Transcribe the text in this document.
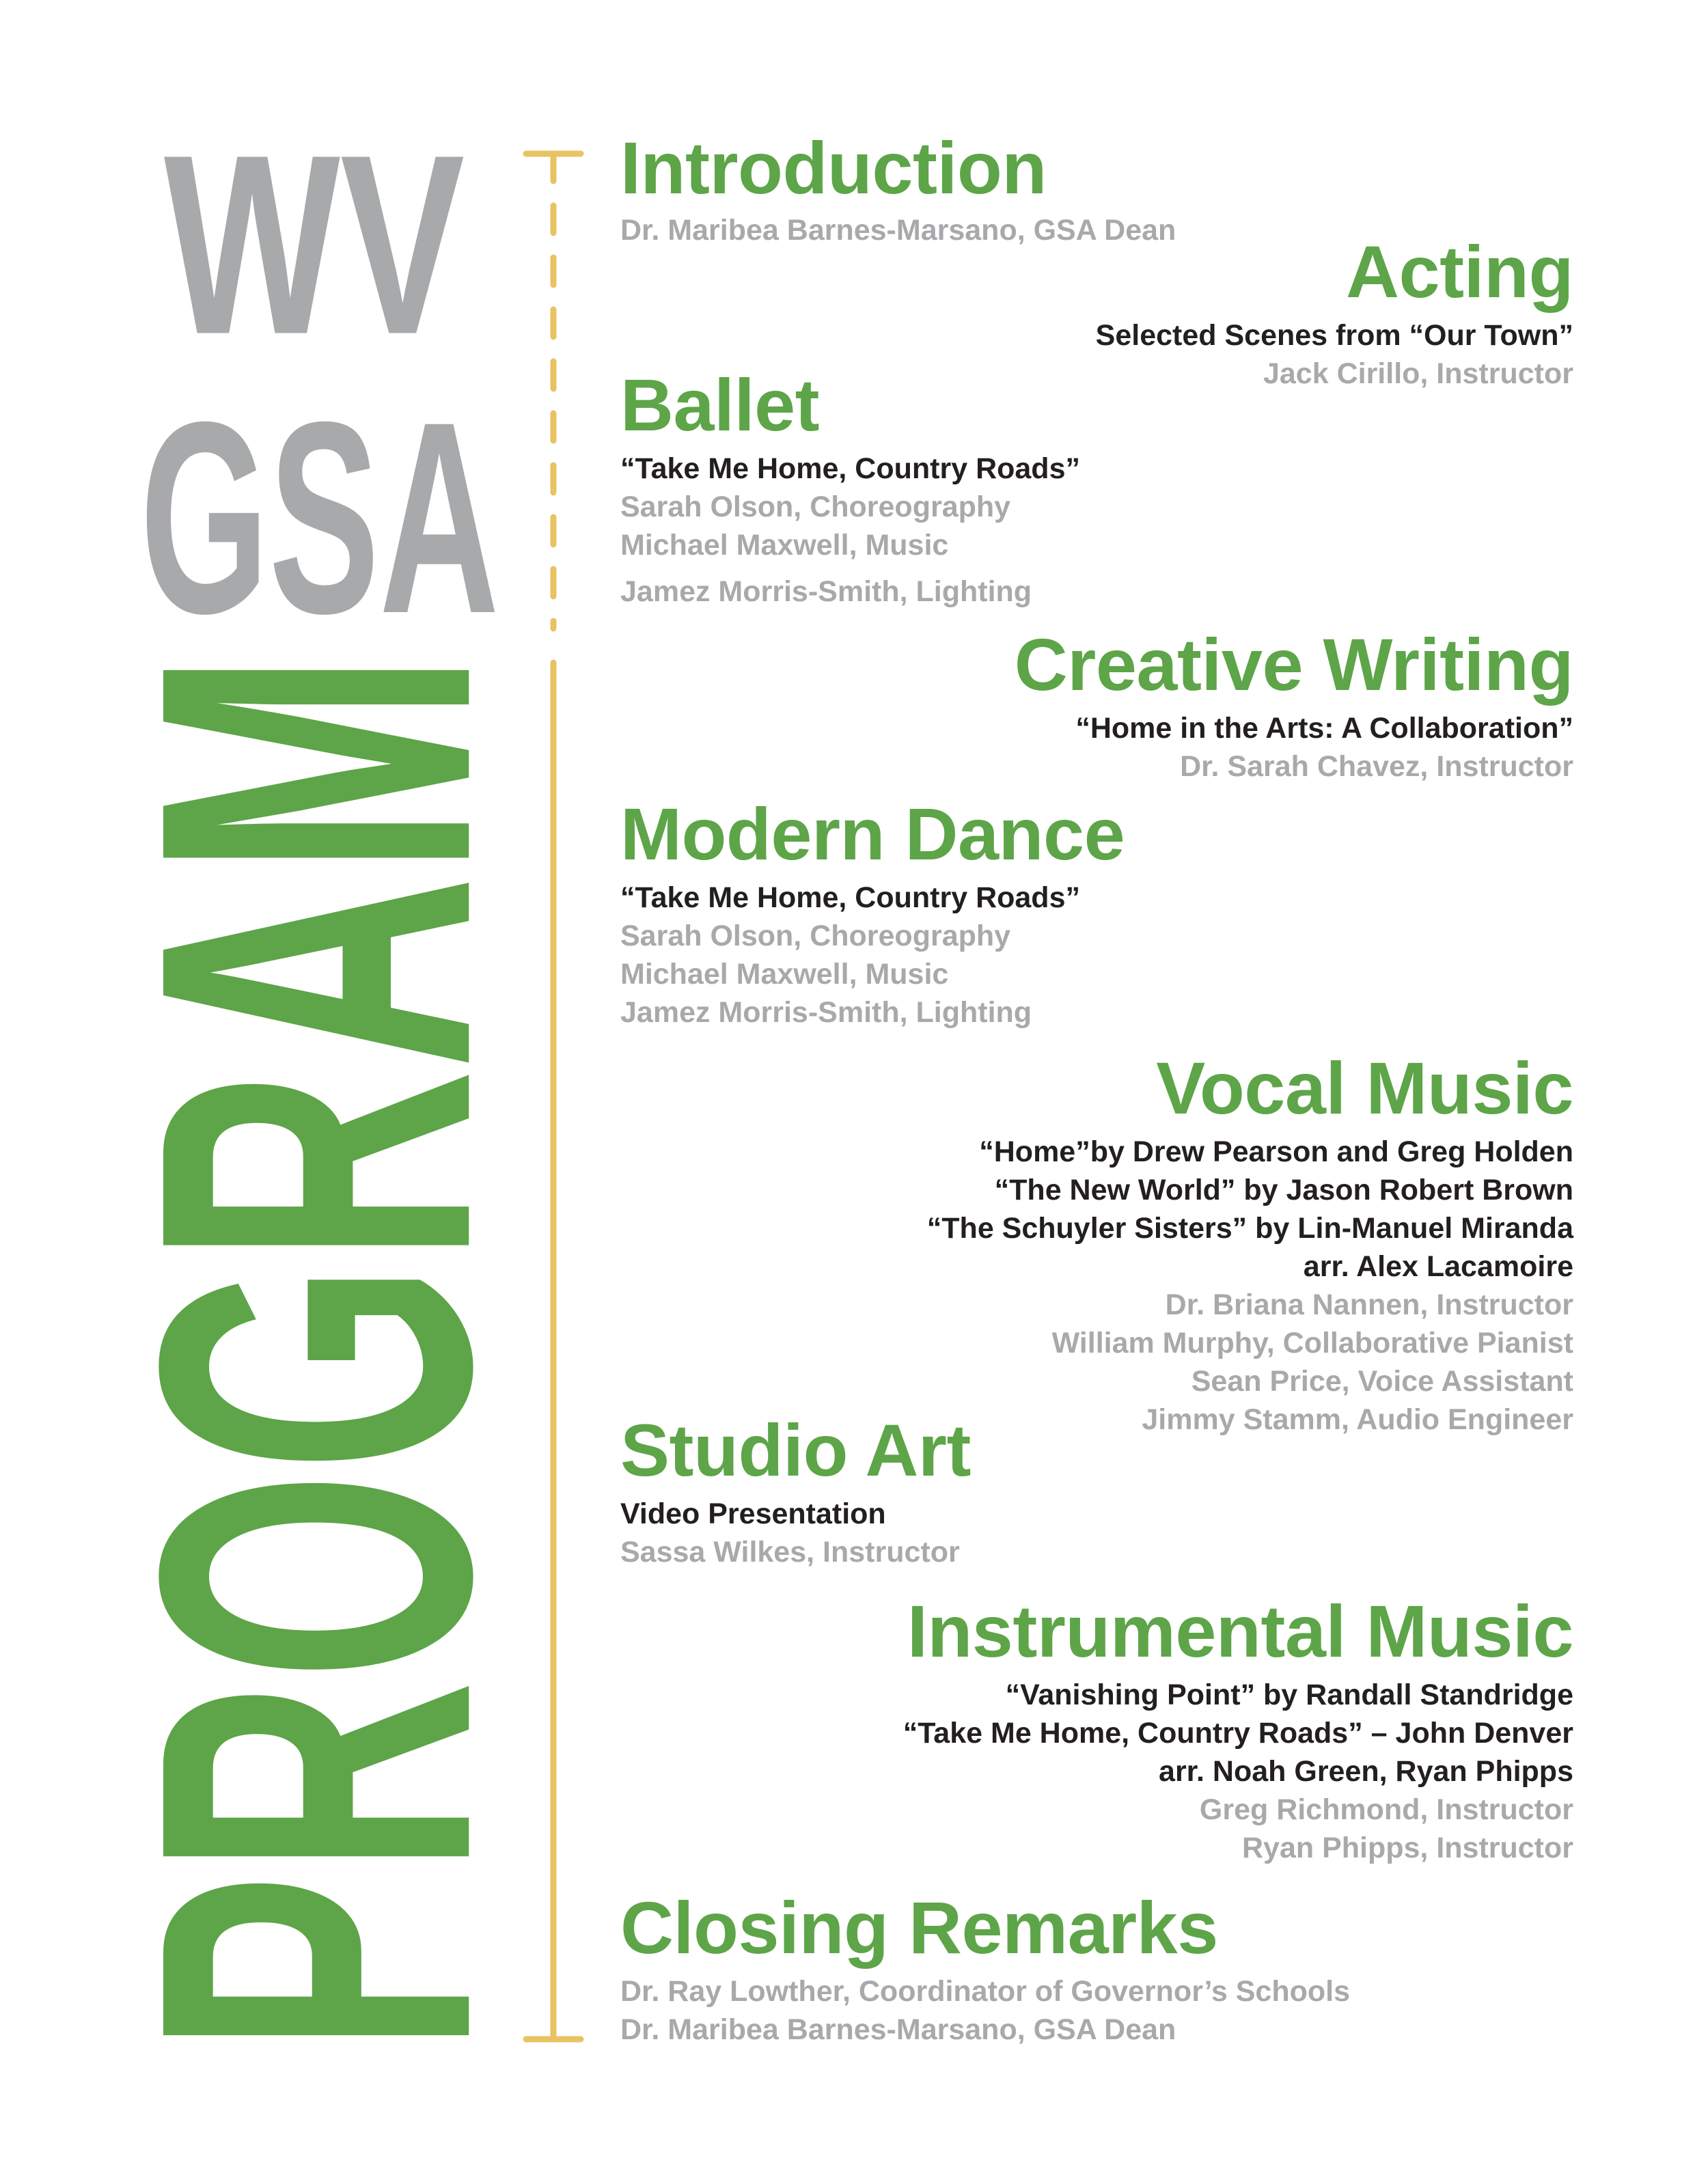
WV
GSA
PROGRAM

Introduction

Dr. Maribea Barnes-Marsano, GSA Dean

Acting

Selected Scenes from “Our Town”

Jack Cirillo, Instructor

Ballet

“Take Me Home, Country Roads”

Sarah Olson, Choreography

Michael Maxwell, Music

Jamez Morris-Smith, Lighting

Creative Writing

“Home in the Arts: A Collaboration”

Dr. Sarah Chavez, Instructor

Modern Dance

“Take Me Home, Country Roads”

Sarah Olson, Choreography

Michael Maxwell, Music

Jamez Morris-Smith, Lighting

Vocal Music

“Home”by Drew Pearson and Greg Holden

“The New World” by Jason Robert Brown

“The Schuyler Sisters” by Lin-Manuel Miranda

arr. Alex Lacamoire

Dr. Briana Nannen, Instructor

William Murphy, Collaborative Pianist

Sean Price, Voice Assistant

Jimmy Stamm, Audio Engineer

Studio Art

Video Presentation

Sassa Wilkes, Instructor

Instrumental Music

“Vanishing Point” by Randall Standridge

“Take Me Home, Country Roads” – John Denver

arr. Noah Green, Ryan Phipps

Greg Richmond, Instructor

Ryan Phipps, Instructor

Closing Remarks

Dr. Ray Lowther, Coordinator of Governor’s Schools

Dr. Maribea Barnes-Marsano, GSA Dean
